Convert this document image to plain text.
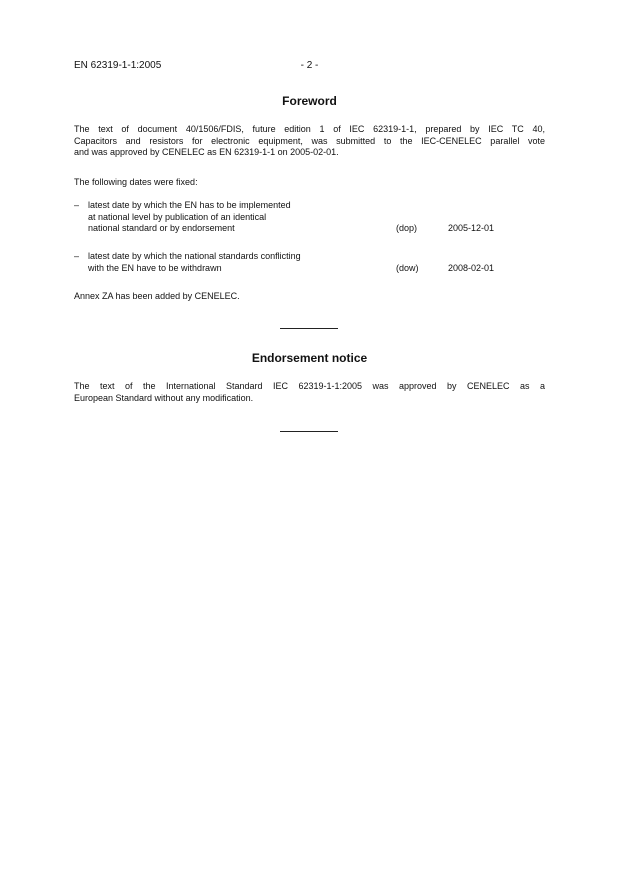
EN 62319-1-1:2005	- 2 -
Foreword
The text of document 40/1506/FDIS, future edition 1 of IEC 62319-1-1, prepared by IEC TC 40,
Capacitors and resistors for electronic equipment, was submitted to the IEC-CENELEC parallel vote
and was approved by CENELEC as EN 62319-1-1 on 2005-02-01.
The following dates were fixed:
– latest date by which the EN has to be implemented
at national level by publication of an identical
national standard or by endorsement	(dop)	2005-12-01
– latest date by which the national standards conflicting
with the EN have to be withdrawn	(dow)	2008-02-01
Annex ZA has been added by CENELEC.
Endorsement notice
The text of the International Standard IEC 62319-1-1:2005 was approved by CENELEC as a
European Standard without any modification.
